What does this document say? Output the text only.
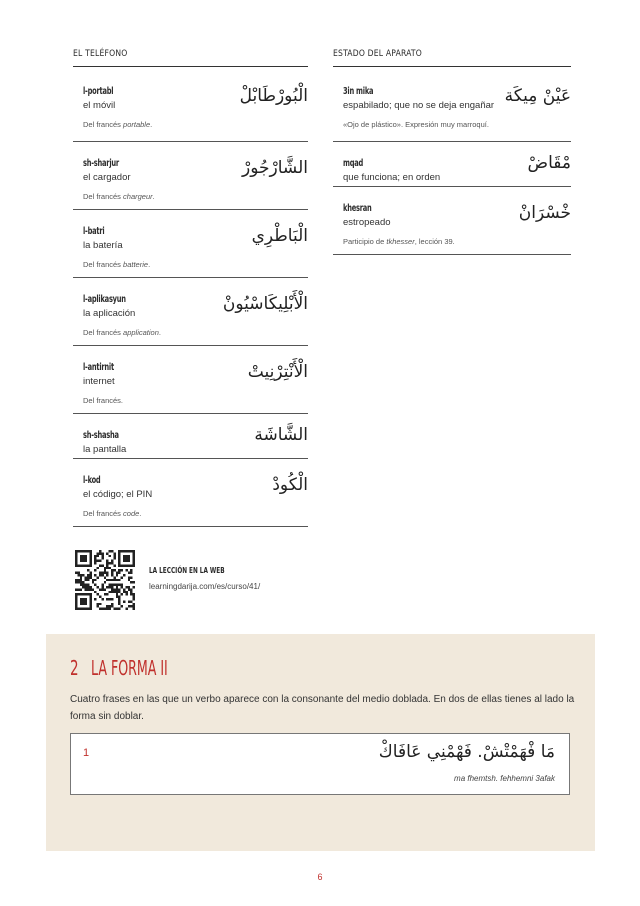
EL TELÉFONO	ESTADO DEL APARATO
l-portabl
el móvil
Del francés portable.
الْبُورْطَابْلْ
sh-sharjur
el cargador
Del francés chargeur.
الشَّارْجُورْ
l-batri
la batería
Del francés batterie.
الْبَاطْرِي
l-aplikasyun
la aplicación
Del francés application.
الْأَبْلِيكَاسْيُونْ
l-antirnit
internet
Del francés.
الْأَنْتِرْنِيتْ
sh-shasha
la pantalla
الشَّاشَة
l-kod
el código; el PIN
Del francés code.
الْكُودْ
3in mika
espabilado; que no se deja engañar
«Ojo de plástico». Expresión muy marroquí.
عَيْنْ مِيكَة
mqad
que funciona; en orden
مْقَاضْ
khesran
estropeado
Participio de tkhesser, lección 39.
خْسْرَانْ
LA LECCIÓN EN LA WEB
learningdarija.com/es/curso/41/
2 LA FORMA II
Cuatro frases en las que un verbo aparece con la consonante del medio doblada. En dos de ellas tienes al lado la forma sin doblar.
1	مَا فْهَمْتْشْ. فَهْمْنِي عَافَاكْ
ma fhemtsh. fehhemni 3afak
6
